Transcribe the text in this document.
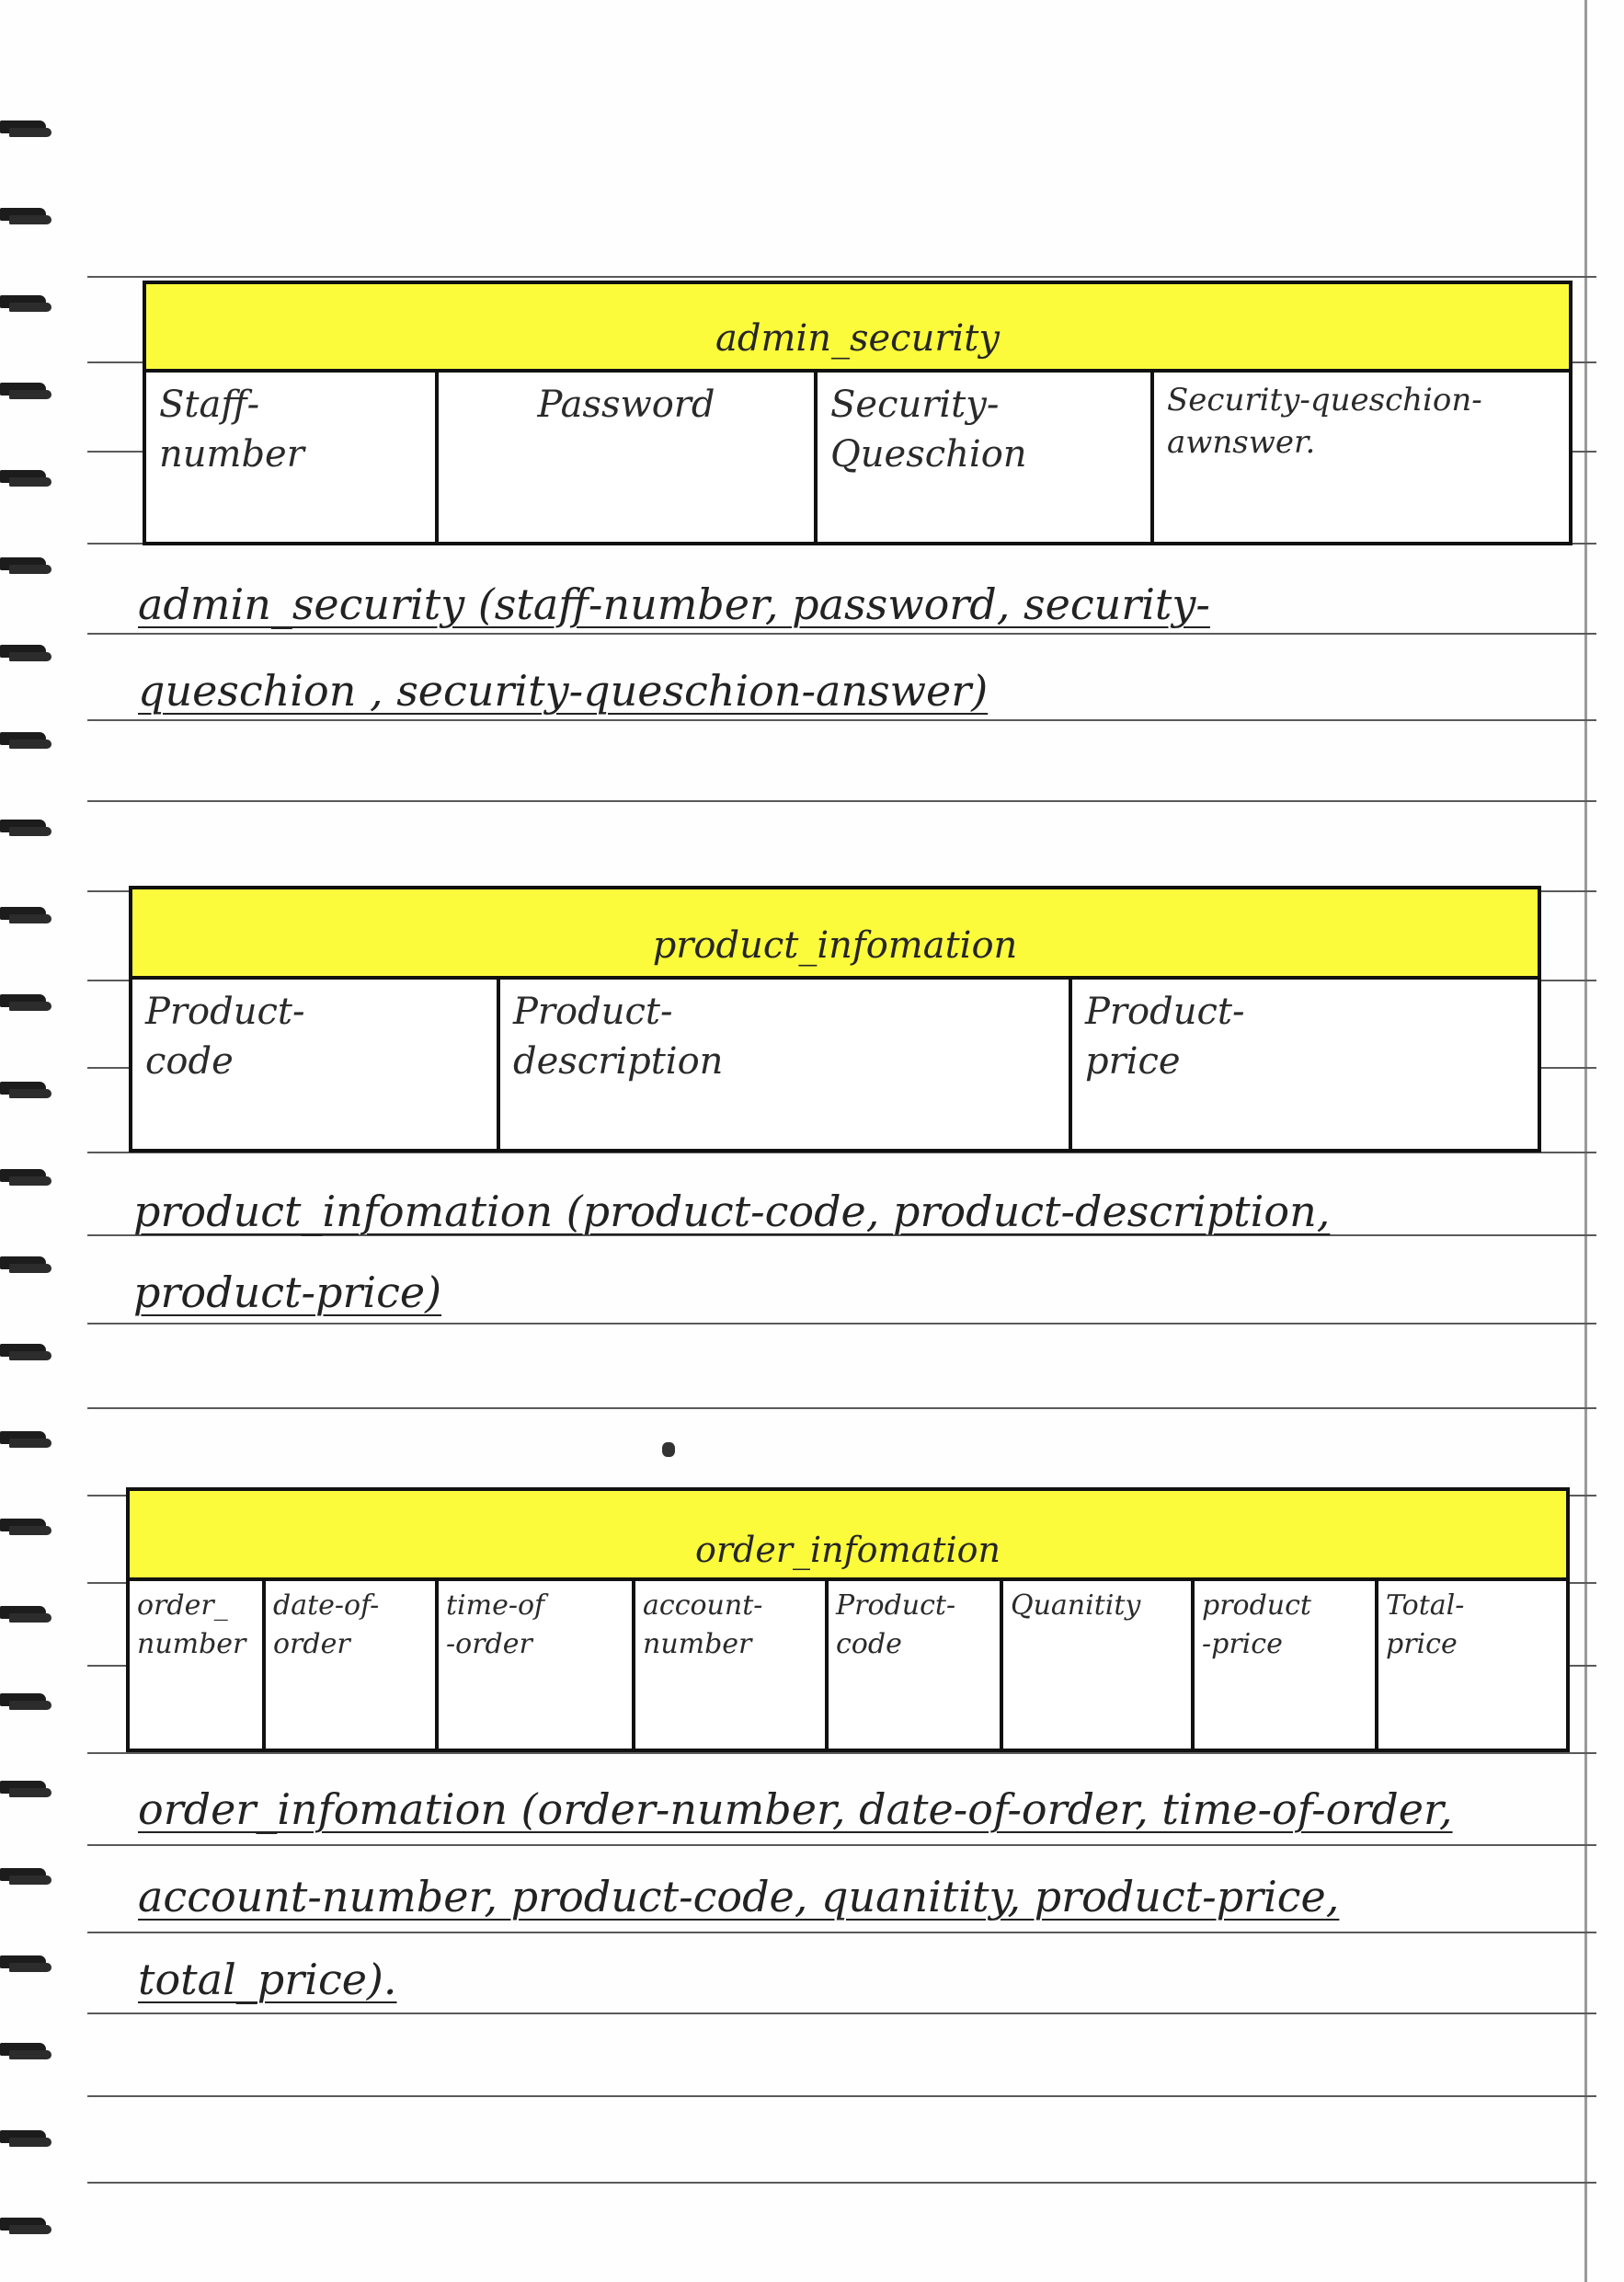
admin_security
Staff-
number
Password	Security-
Queschion
Security-queschion-
awnswer.
admin_security (staff-number, password, security-
queschion , security-queschion-answer)
product_infomation
Product-
code
Product-
description
Product-
price
product_infomation (product-code, product-description,
product-price)
order_infomation
order_
number
date-of-
order
time-of
-order
account-
number
Product-
code
Quanitity	product
-price
Total-
price
order_infomation (order-number, date-of-order, time-of-order,
account-number, product-code, quanitity, product-price,
total_price).
